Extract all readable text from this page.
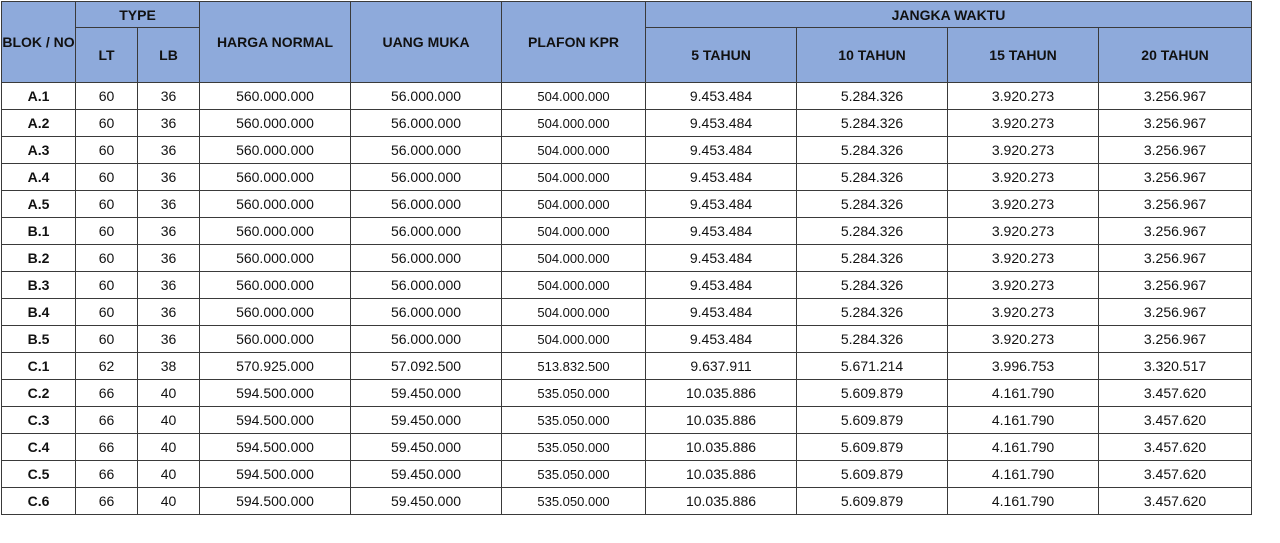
BLOK / NO	TYPE		HARGA NORMAL	UANG MUKA	PLAFON KPR	JANGKA WAKTU			
	LT	LB				5 TAHUN	10 TAHUN	15 TAHUN	20 TAHUN
A.1	60	36	560.000.000	56.000.000	504.000.000	9.453.484	5.284.326	3.920.273	3.256.967
A.2	60	36	560.000.000	56.000.000	504.000.000	9.453.484	5.284.326	3.920.273	3.256.967
A.3	60	36	560.000.000	56.000.000	504.000.000	9.453.484	5.284.326	3.920.273	3.256.967
A.4	60	36	560.000.000	56.000.000	504.000.000	9.453.484	5.284.326	3.920.273	3.256.967
A.5	60	36	560.000.000	56.000.000	504.000.000	9.453.484	5.284.326	3.920.273	3.256.967
B.1	60	36	560.000.000	56.000.000	504.000.000	9.453.484	5.284.326	3.920.273	3.256.967
B.2	60	36	560.000.000	56.000.000	504.000.000	9.453.484	5.284.326	3.920.273	3.256.967
B.3	60	36	560.000.000	56.000.000	504.000.000	9.453.484	5.284.326	3.920.273	3.256.967
B.4	60	36	560.000.000	56.000.000	504.000.000	9.453.484	5.284.326	3.920.273	3.256.967
B.5	60	36	560.000.000	56.000.000	504.000.000	9.453.484	5.284.326	3.920.273	3.256.967
C.1	62	38	570.925.000	57.092.500	513.832.500	9.637.911	5.671.214	3.996.753	3.320.517
C.2	66	40	594.500.000	59.450.000	535.050.000	10.035.886	5.609.879	4.161.790	3.457.620
C.3	66	40	594.500.000	59.450.000	535.050.000	10.035.886	5.609.879	4.161.790	3.457.620
C.4	66	40	594.500.000	59.450.000	535.050.000	10.035.886	5.609.879	4.161.790	3.457.620
C.5	66	40	594.500.000	59.450.000	535.050.000	10.035.886	5.609.879	4.161.790	3.457.620
C.6	66	40	594.500.000	59.450.000	535.050.000	10.035.886	5.609.879	4.161.790	3.457.620
